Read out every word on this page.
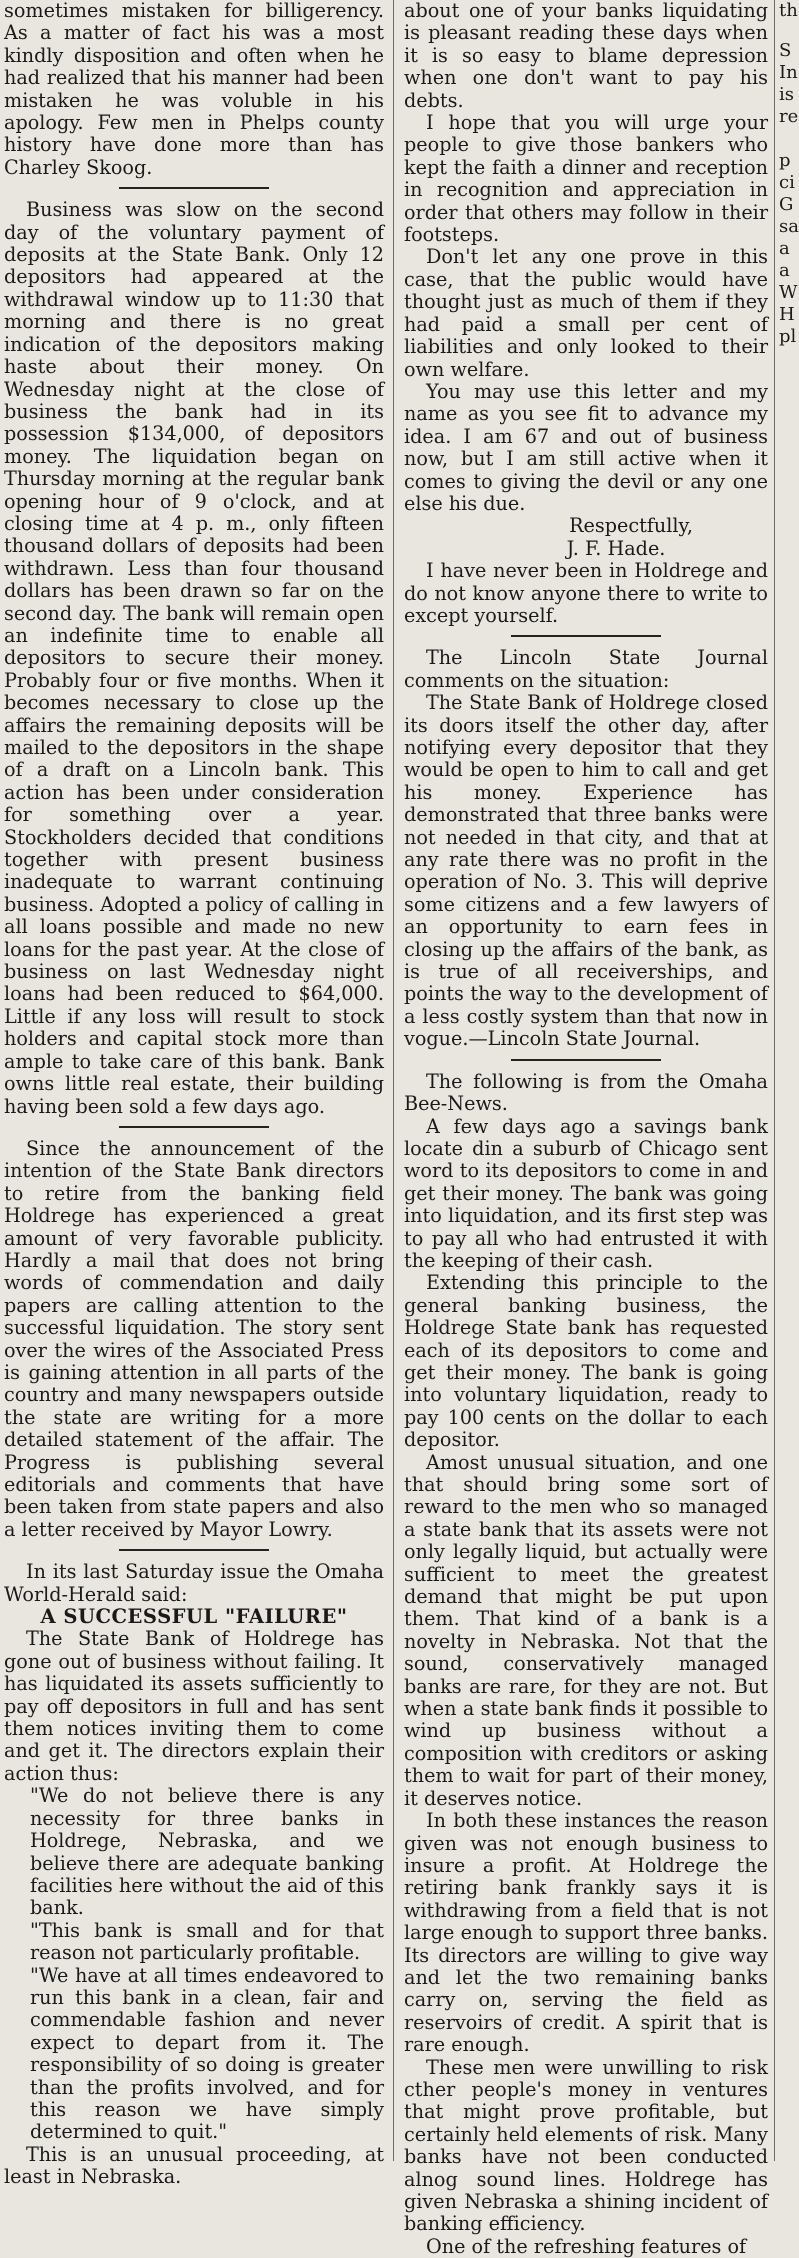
sometimes mistaken for billigerency. As a matter of fact his was a most kindly disposition and often when he had realized that his manner had been mistaken he was voluble in his apology. Few men in Phelps county history have done more than has Charley Skoog.

Business was slow on the second day of the voluntary payment of deposits at the State Bank. Only 12 depositors had appeared at the withdrawal window up to 11:30 that morning and there is no great indication of the depositors making haste about their money. On Wednesday night at the close of business the bank had in its possession $134,000, of depositors money. The liquidation began on Thursday morning at the regular bank opening hour of 9 o'clock, and at closing time at 4 p. m., only fifteen thousand dollars of deposits had been withdrawn. Less than four thousand dollars has been drawn so far on the second day. The bank will remain open an indefinite time to enable all depositors to secure their money. Probably four or five months. When it becomes necessary to close up the affairs the remaining deposits will be mailed to the depositors in the shape of a draft on a Lincoln bank. This action has been under consideration for something over a year. Stockholders decided that conditions together with present business inadequate to warrant continuing business. Adopted a policy of calling in all loans possible and made no new loans for the past year. At the close of business on last Wednesday night loans had been reduced to $64,000. Little if any loss will result to stock holders and capital stock more than ample to take care of this bank. Bank owns little real estate, their building having been sold a few days ago.

Since the announcement of the intention of the State Bank directors to retire from the banking field Holdrege has experienced a great amount of very favorable publicity. Hardly a mail that does not bring words of commendation and daily papers are calling attention to the successful liquidation. The story sent over the wires of the Associated Press is gaining attention in all parts of the country and many newspapers outside the state are writing for a more detailed statement of the affair. The Progress is publishing several editorials and comments that have been taken from state papers and also a letter received by Mayor Lowry.

In its last Saturday issue the Omaha World-Herald said:

A SUCCESSFUL "FAILURE"

The State Bank of Holdrege has gone out of business without failing. It has liquidated its assets sufficiently to pay off depositors in full and has sent them notices inviting them to come and get it. The directors explain their action thus:

"We do not believe there is any necessity for three banks in Holdrege, Nebraska, and we believe there are adequate banking facilities here without the aid of this bank.

"This bank is small and for that reason not particularly profitable.

"We have at all times endeavored to run this bank in a clean, fair and commendable fashion and never expect to depart from it. The responsibility of so doing is greater than the profits involved, and for this reason we have simply determined to quit."

This is an unusual proceeding, at least in Nebraska.

about one of your banks liquidating is pleasant reading these days when it is so easy to blame depression when one don't want to pay his debts.

I hope that you will urge your people to give those bankers who kept the faith a dinner and reception in recognition and appreciation in order that others may follow in their footsteps.

Don't let any one prove in this case, that the public would have thought just as much of them if they had paid a small per cent of liabilities and only looked to their own welfare.

You may use this letter and my name as you see fit to advance my idea. I am 67 and out of business now, but I am still active when it comes to giving the devil or any one else his due.

Respectfully,

J. F. Hade.

I have never been in Holdrege and do not know anyone there to write to except yourself.

The Lincoln State Journal comments on the situation:

The State Bank of Holdrege closed its doors itself the other day, after notifying every depositor that they would be open to him to call and get his money. Experience has demonstrated that three banks were not needed in that city, and that at any rate there was no profit in the operation of No. 3. This will deprive some citizens and a few lawyers of an opportunity to earn fees in closing up the affairs of the bank, as is true of all receiverships, and points the way to the development of a less costly system than that now in vogue.—Lincoln State Journal.

The following is from the Omaha Bee-News.

A few days ago a savings bank locate din a suburb of Chicago sent word to its depositors to come in and get their money. The bank was going into liquidation, and its first step was to pay all who had entrusted it with the keeping of their cash.

Extending this principle to the general banking business, the Holdrege State bank has requested each of its depositors to come and get their money. The bank is going into voluntary liquidation, ready to pay 100 cents on the dollar to each depositor.

Amost unusual situation, and one that should bring some sort of reward to the men who so managed a state bank that its assets were not only legally liquid, but actually were sufficient to meet the greatest demand that might be put upon them. That kind of a bank is a novelty in Nebraska. Not that the sound, conservatively managed banks are rare, for they are not. But when a state bank finds it possible to wind up business without a composition with creditors or asking them to wait for part of their money, it deserves notice.

In both these instances the reason given was not enough business to insure a profit. At Holdrege the retiring bank frankly says it is withdrawing from a field that is not large enough to support three banks. Its directors are willing to give way and let the two remaining banks carry on, serving the field as reservoirs of credit. A spirit that is rare enough.

These men were unwilling to risk cther people's money in ventures that might prove profitable, but certainly held elements of risk. Many banks have not been conducted alnog sound lines. Holdrege has given Nebraska a shining incident of banking efficiency.

One of the refreshing features of

th
S
In
is
re
p
ci
G
sa
a
a
W
H
pl
